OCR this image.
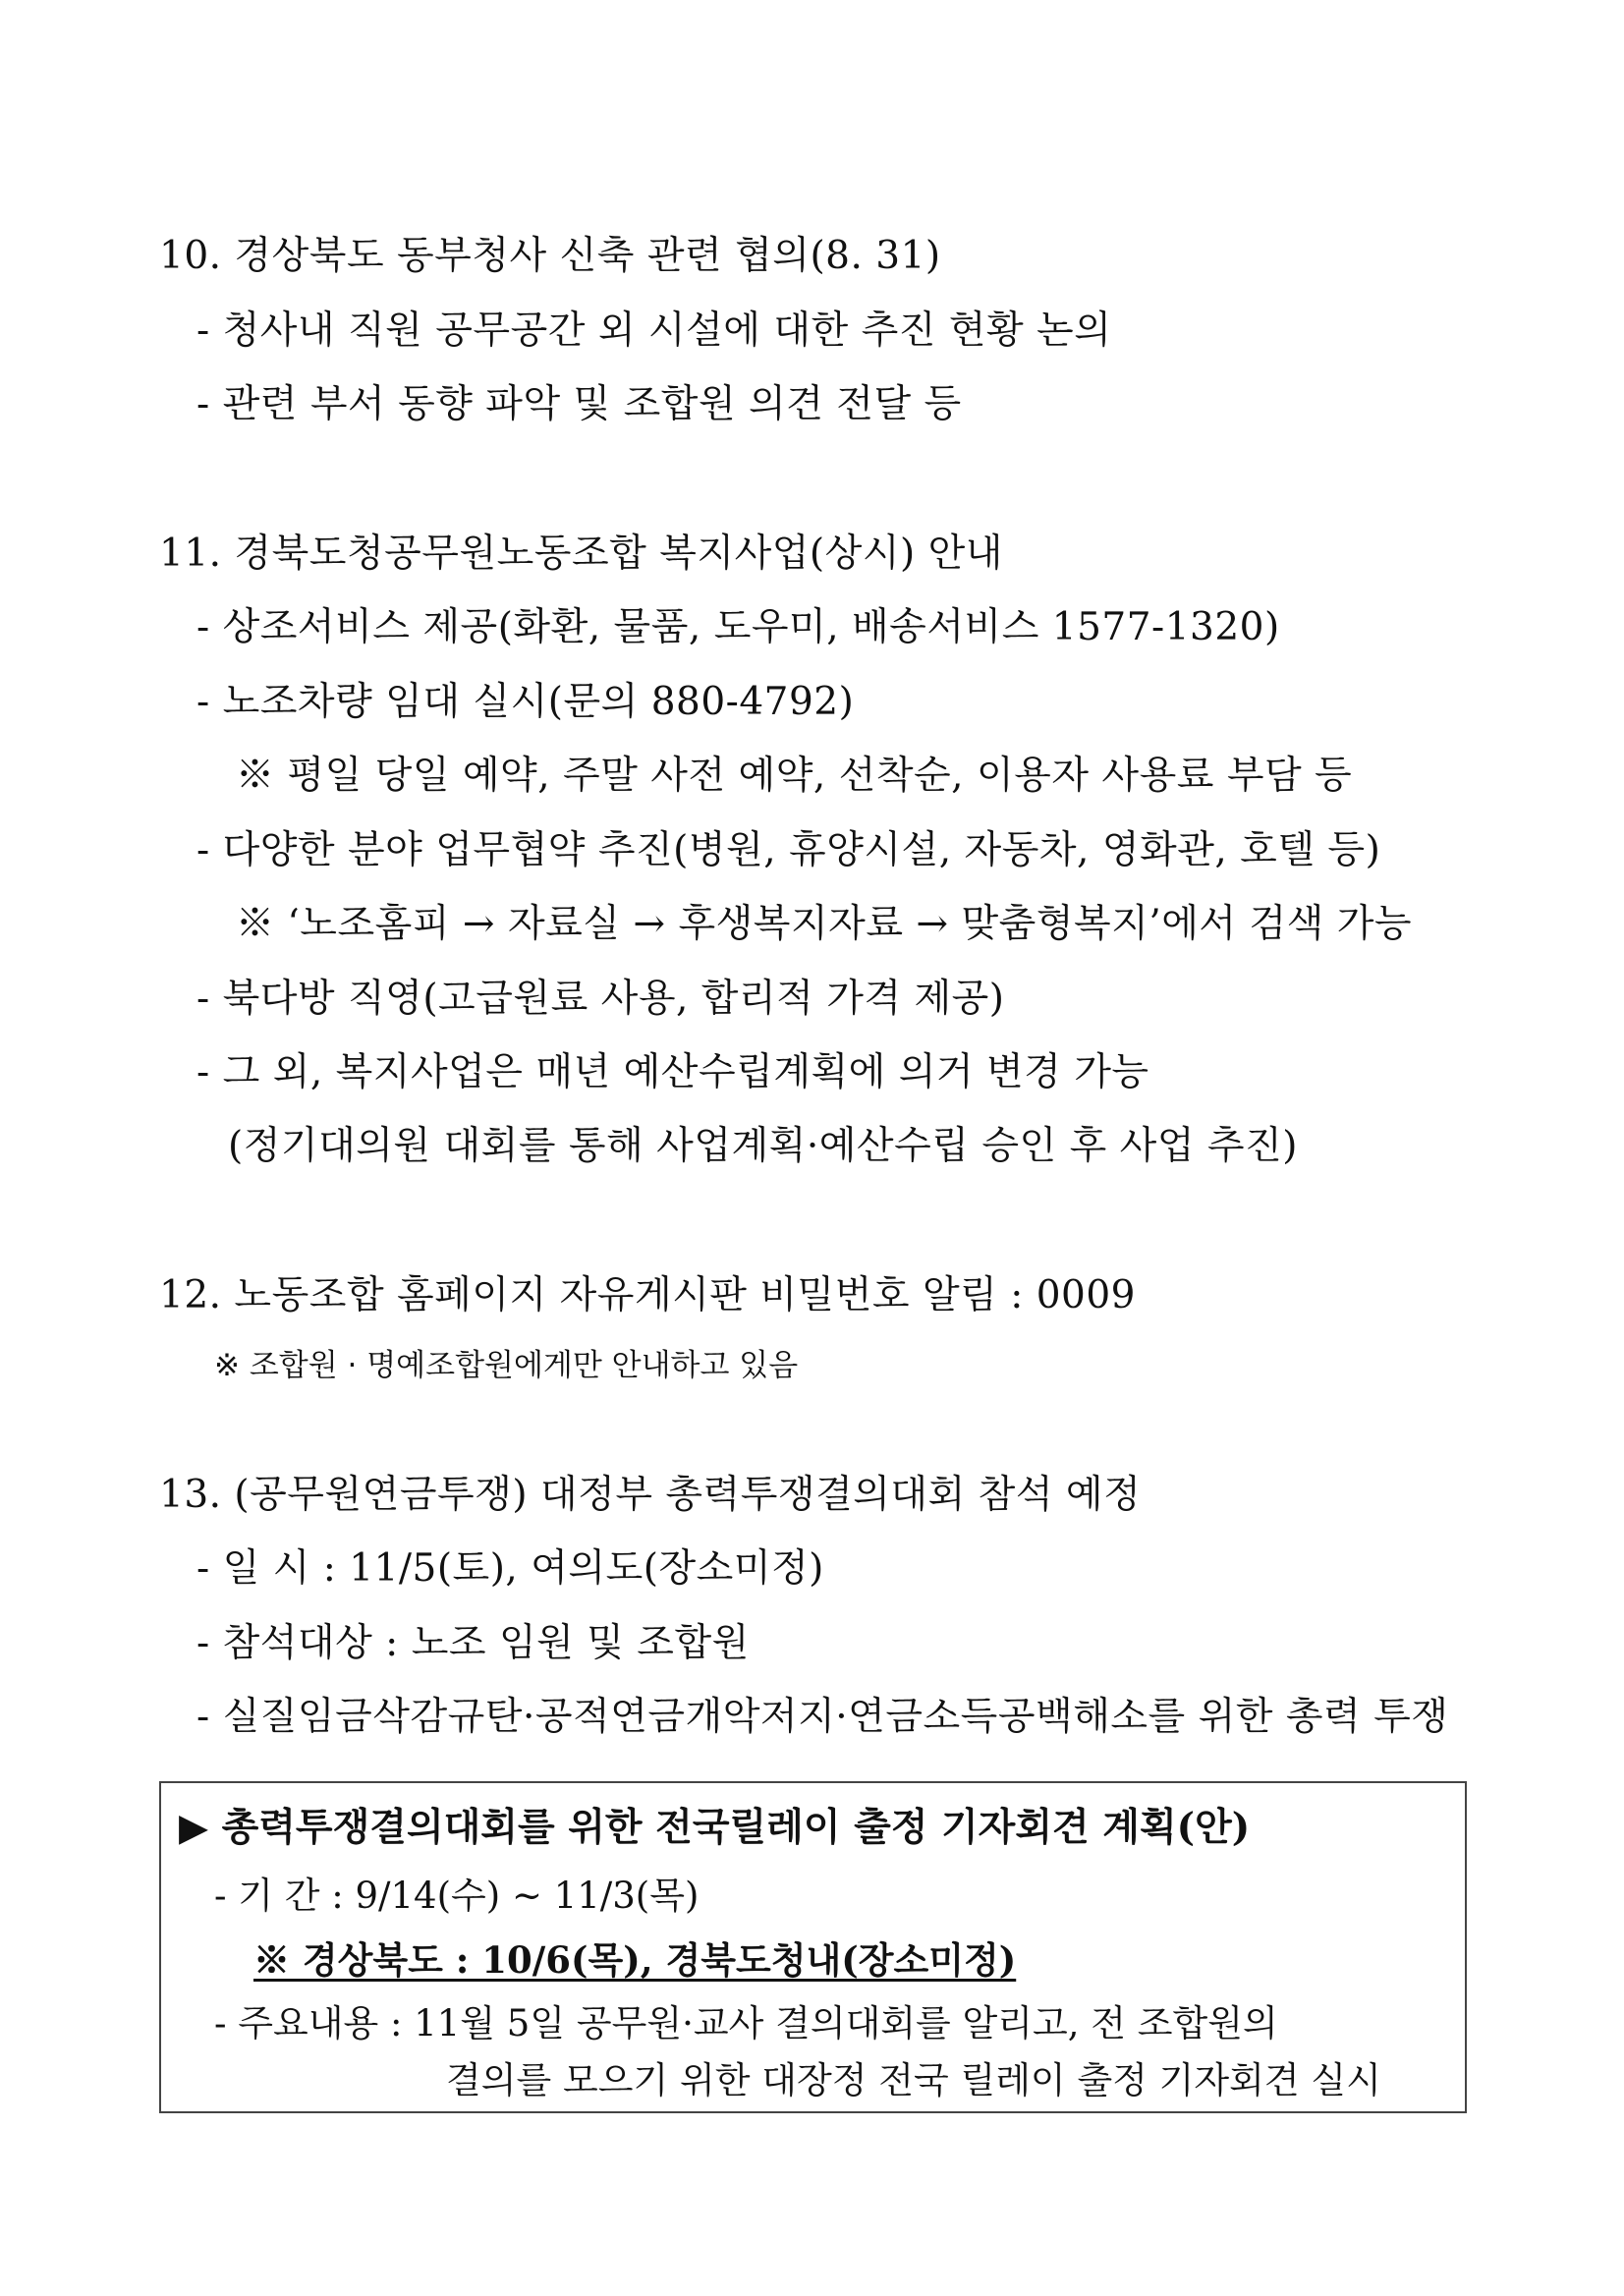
10. 경상북도 동부청사 신축 관련 협의(8. 31)
- 청사내 직원 공무공간 외 시설에 대한 추진 현황 논의
- 관련 부서 동향 파악 및 조합원 의견 전달 등
11. 경북도청공무원노동조합 복지사업(상시) 안내
- 상조서비스 제공(화환, 물품, 도우미, 배송서비스 1577-1320)
- 노조차량 임대 실시(문의 880-4792)
※ 평일 당일 예약, 주말 사전 예약, 선착순, 이용자 사용료 부담 등
- 다양한 분야 업무협약 추진(병원, 휴양시설, 자동차, 영화관, 호텔 등)
※ ‘노조홈피 → 자료실 → 후생복지자료 → 맞춤형복지’에서 검색 가능
- 북다방 직영(고급원료 사용, 합리적 가격 제공)
- 그 외, 복지사업은 매년 예산수립계획에 의거 변경 가능
(정기대의원 대회를 통해 사업계획·예산수립 승인 후 사업 추진)
12. 노동조합 홈페이지 자유게시판 비밀번호 알림 : 0009
※ 조합원 · 명예조합원에게만 안내하고 있음
13. (공무원연금투쟁) 대정부 총력투쟁결의대회 참석 예정
- 일 시 : 11/5(토), 여의도(장소미정)
- 참석대상 : 노조 임원 및 조합원
- 실질임금삭감규탄·공적연금개악저지·연금소득공백해소를 위한 총력 투쟁
▶ 총력투쟁결의대회를 위한 전국릴레이 출정 기자회견 계획(안)
- 기 간 : 9/14(수) ~ 11/3(목)
※ 경상북도 : 10/6(목), 경북도청내(장소미정)
- 주요내용 : 11월 5일 공무원·교사 결의대회를 알리고, 전 조합원의
결의를 모으기 위한 대장정 전국 릴레이 출정 기자회견 실시
